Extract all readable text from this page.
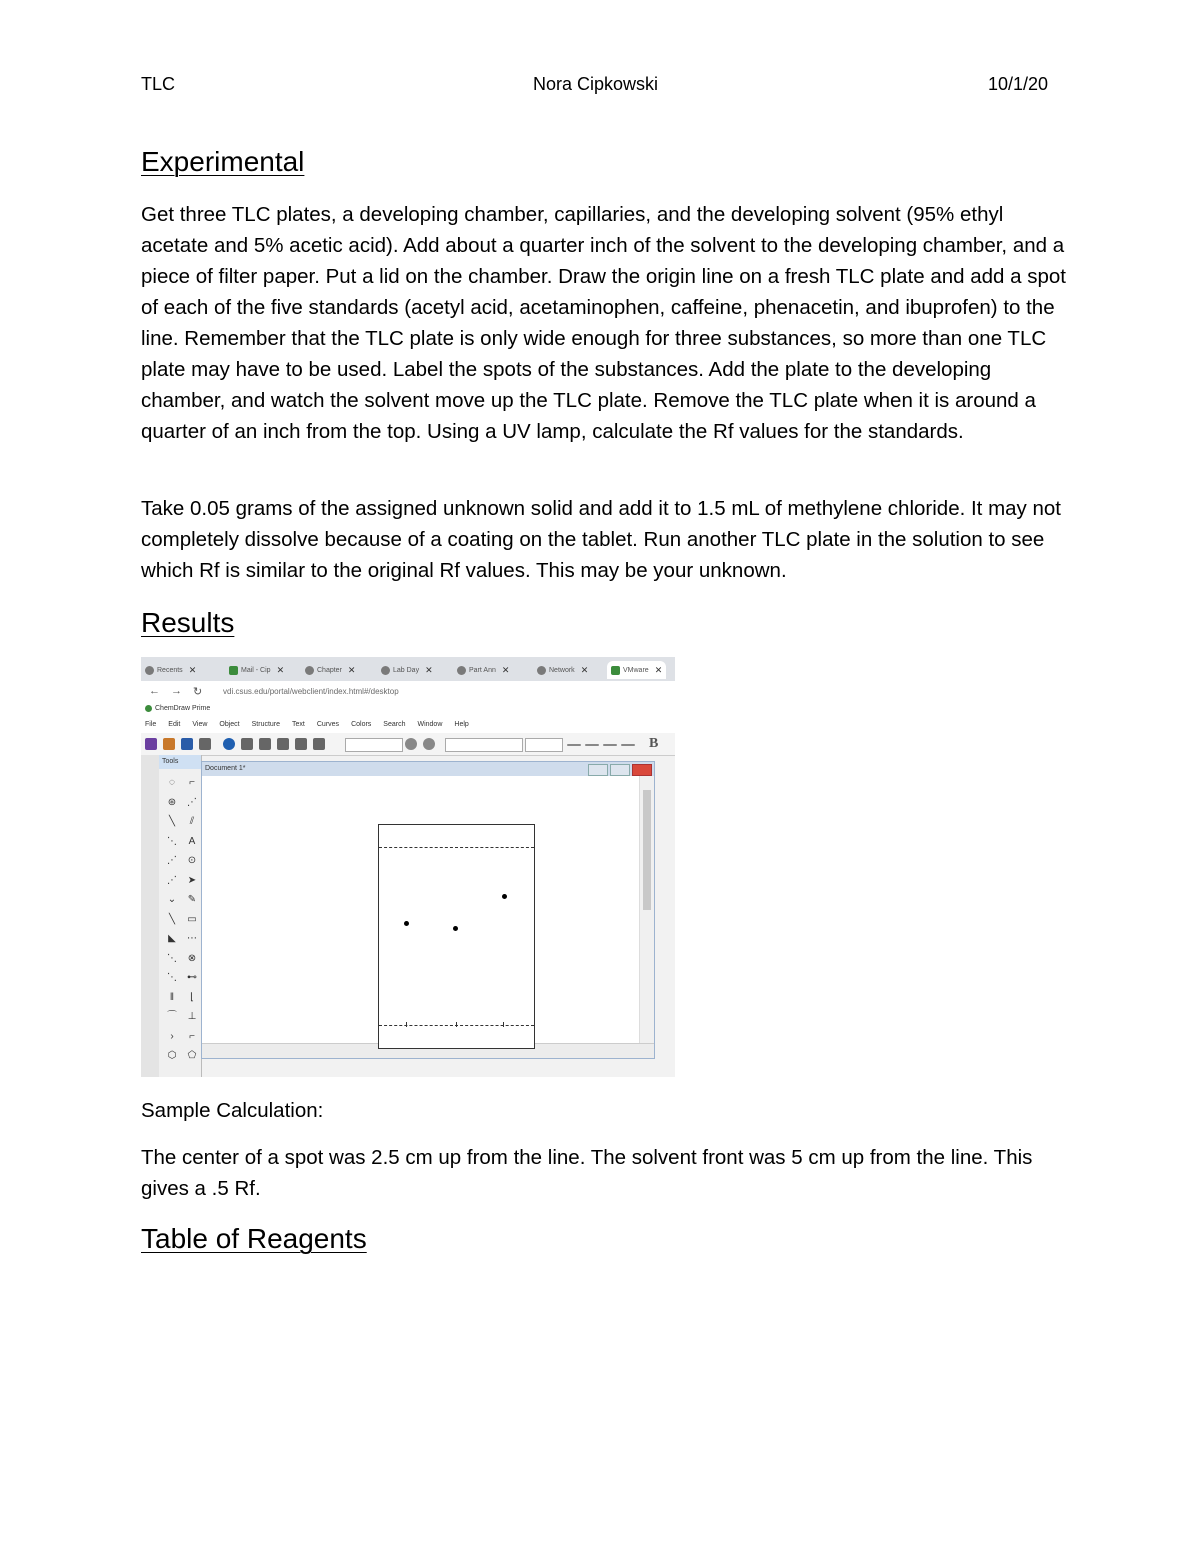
TLC	Nora Cipkowski	10/1/20
Experimental

Get three TLC plates, a developing chamber, capillaries, and the developing solvent (95% ethyl acetate and 5% acetic acid). Add about a quarter inch of the solvent to the developing chamber, and a piece of filter paper. Put a lid on the chamber. Draw the origin line on a fresh TLC plate and add a spot of each of the five standards (acetyl acid, acetaminophen, caffeine, phenacetin, and ibuprofen) to the line. Remember that the TLC plate is only wide enough for three substances, so more than one TLC plate may have to be used. Label the spots of the substances. Add the plate to the developing chamber, and watch the solvent move up the TLC plate. Remove the TLC plate when it is around a quarter of an inch from the top. Using a UV lamp, calculate the Rf values for the standards.

Take 0.05 grams of the assigned unknown solid and add it to 1.5 mL of methylene chloride. It may not completely dissolve because of a coating on the tablet. Run another TLC plate in the solution to see which Rf is similar to the original Rf values. This may be your unknown.

Results
Recents ✕	Mail - Cip ✕	Chapter ✕	Lab Day ✕	Part Ann ✕	Network ✕	VMware ✕
← → ↻	vdi.csus.edu/portal/webclient/index.html#/desktop
ChemDraw Prime
File Edit View Object Structure Text Curves Colors Search Window Help
B
Tools
◌	⌐
⊛	⋰
╲	⫽
⋱	A
⋰	⊙
⋰	➤
⌄	✎
╲	▭
◣	⋯
⋱	⊗
⋱	⊷
‖	⌊
⌒	⊥
›	⌐
⬡	⬠
Document 1*
Sample Calculation:

The center of a spot was 2.5 cm up from the line. The solvent front was 5 cm up from the line. This gives a .5 Rf.

Table of Reagents
